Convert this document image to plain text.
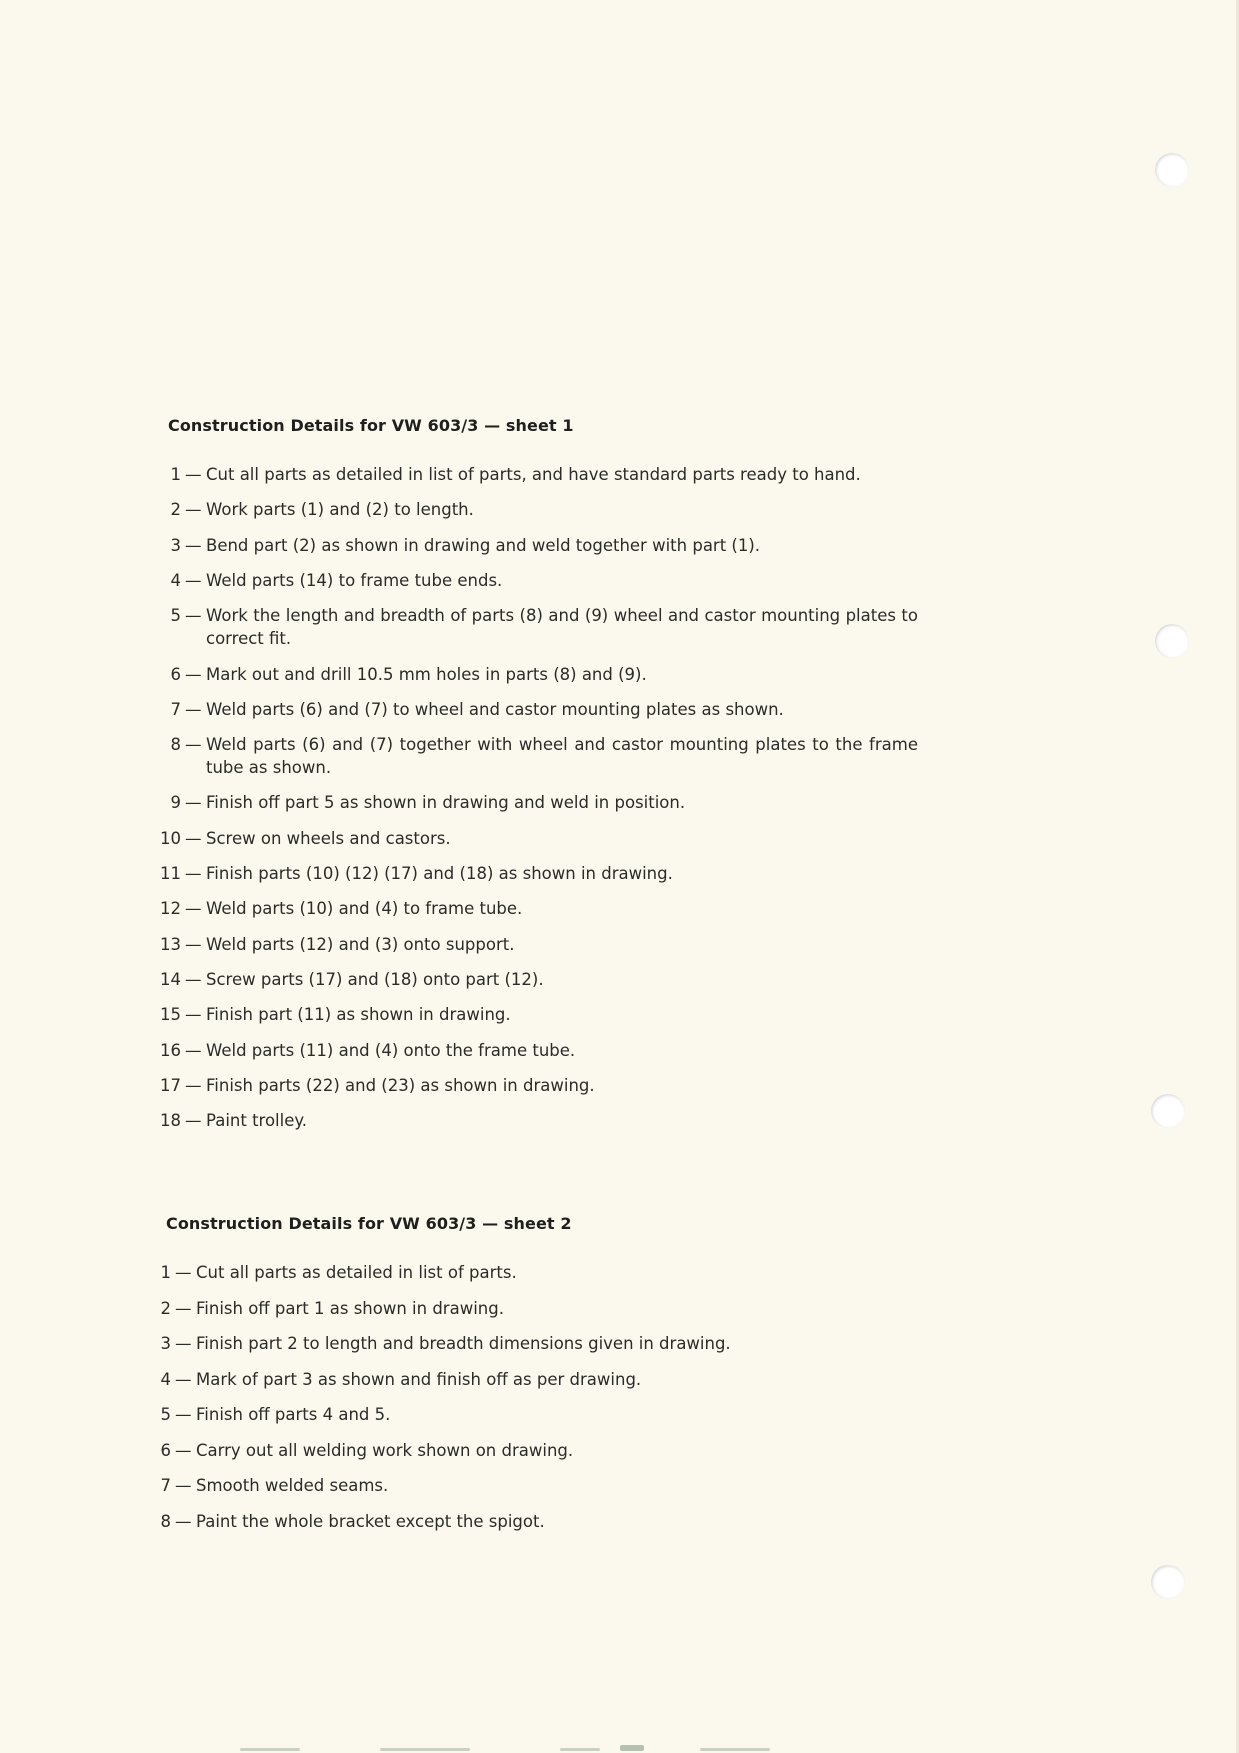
Construction Details for VW 603/3 — sheet 1
1 — Cut all parts as detailed in list of parts, and have standard parts ready to hand.
2 — Work parts (1) and (2) to length.
3 — Bend part (2) as shown in drawing and weld together with part (1).
4 — Weld parts (14) to frame tube ends.
5 — Work the length and breadth of parts (8) and (9) wheel and castor mounting plates to correct fit.
6 — Mark out and drill 10.5 mm holes in parts (8) and (9).
7 — Weld parts (6) and (7) to wheel and castor mounting plates as shown.
8 — Weld parts (6) and (7) together with wheel and castor mounting plates to the frame tube as shown.
9 — Finish off part 5 as shown in drawing and weld in position.
10 — Screw on wheels and castors.
11 — Finish parts (10) (12) (17) and (18) as shown in drawing.
12 — Weld parts (10) and (4) to frame tube.
13 — Weld parts (12) and (3) onto support.
14 — Screw parts (17) and (18) onto part (12).
15 — Finish part (11) as shown in drawing.
16 — Weld parts (11) and (4) onto the frame tube.
17 — Finish parts (22) and (23) as shown in drawing.
18 — Paint trolley.
Construction Details for VW 603/3 — sheet 2
1 — Cut all parts as detailed in list of parts.
2 — Finish off part 1 as shown in drawing.
3 — Finish part 2 to length and breadth dimensions given in drawing.
4 — Mark of part 3 as shown and finish off as per drawing.
5 — Finish off parts 4 and 5.
6 — Carry out all welding work shown on drawing.
7 — Smooth welded seams.
8 — Paint the whole bracket except the spigot.
